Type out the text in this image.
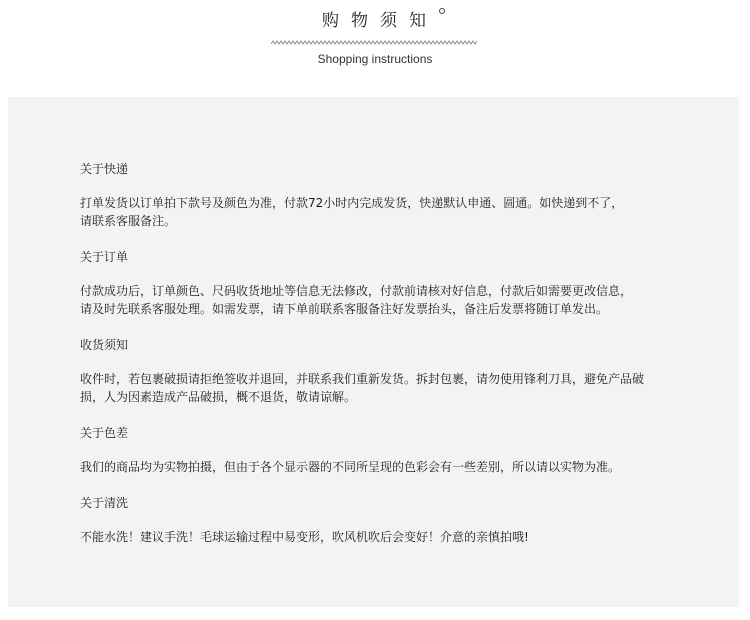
购物须知
Shopping instructions

关于快递

打单发货以订单拍下款号及颜色为准，付款72小时内完成发货，快递默认申通、圆通。如快递到不了，
请联系客服备注。

关于订单

付款成功后，订单颜色、尺码收货地址等信息无法修改，付款前请核对好信息，付款后如需要更改信息，
请及时先联系客服处理。如需发票，请下单前联系客服备注好发票抬头，备注后发票将随订单发出。

收货须知

收件时，若包裹破损请拒绝签收并退回，并联系我们重新发货。拆封包裹，请勿使用锋利刀具，避免产品破
损，人为因素造成产品破损，概不退货，敬请谅解。

关于色差

我们的商品均为实物拍摄，但由于各个显示器的不同所呈现的色彩会有一些差别，所以请以实物为准。

关于清洗

不能水洗！建议手洗！毛球运输过程中易变形，吹风机吹后会变好！介意的亲慎拍哦!
